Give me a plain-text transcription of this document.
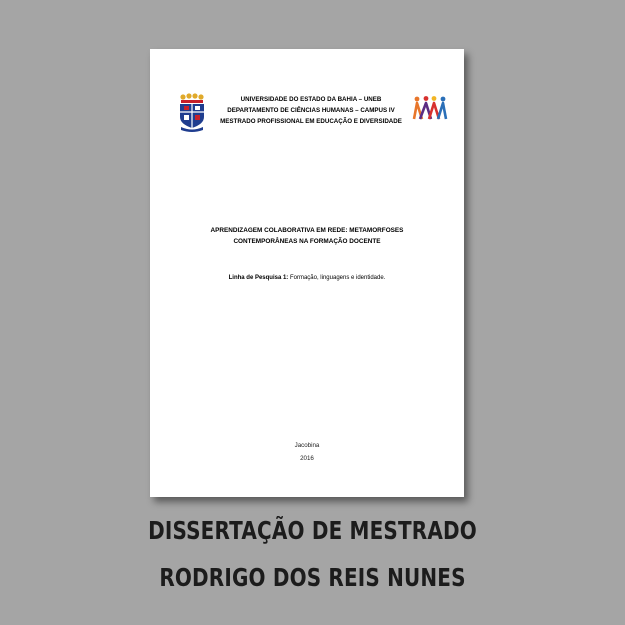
UNIVERSIDADE DO ESTADO DA BAHIA – UNEB
DEPARTAMENTO DE CIÊNCIAS HUMANAS – CAMPUS IV
MESTRADO PROFISSIONAL EM EDUCAÇÃO E DIVERSIDADE
APRENDIZAGEM COLABORATIVA EM REDE: METAMORFOSES
CONTEMPORÂNEAS NA FORMAÇÃO DOCENTE
Linha de Pesquisa 1: Formação, linguagens e identidade.
Jacobina
2016
DISSERTAÇÃO DE MESTRADO
RODRIGO DOS REIS NUNES
